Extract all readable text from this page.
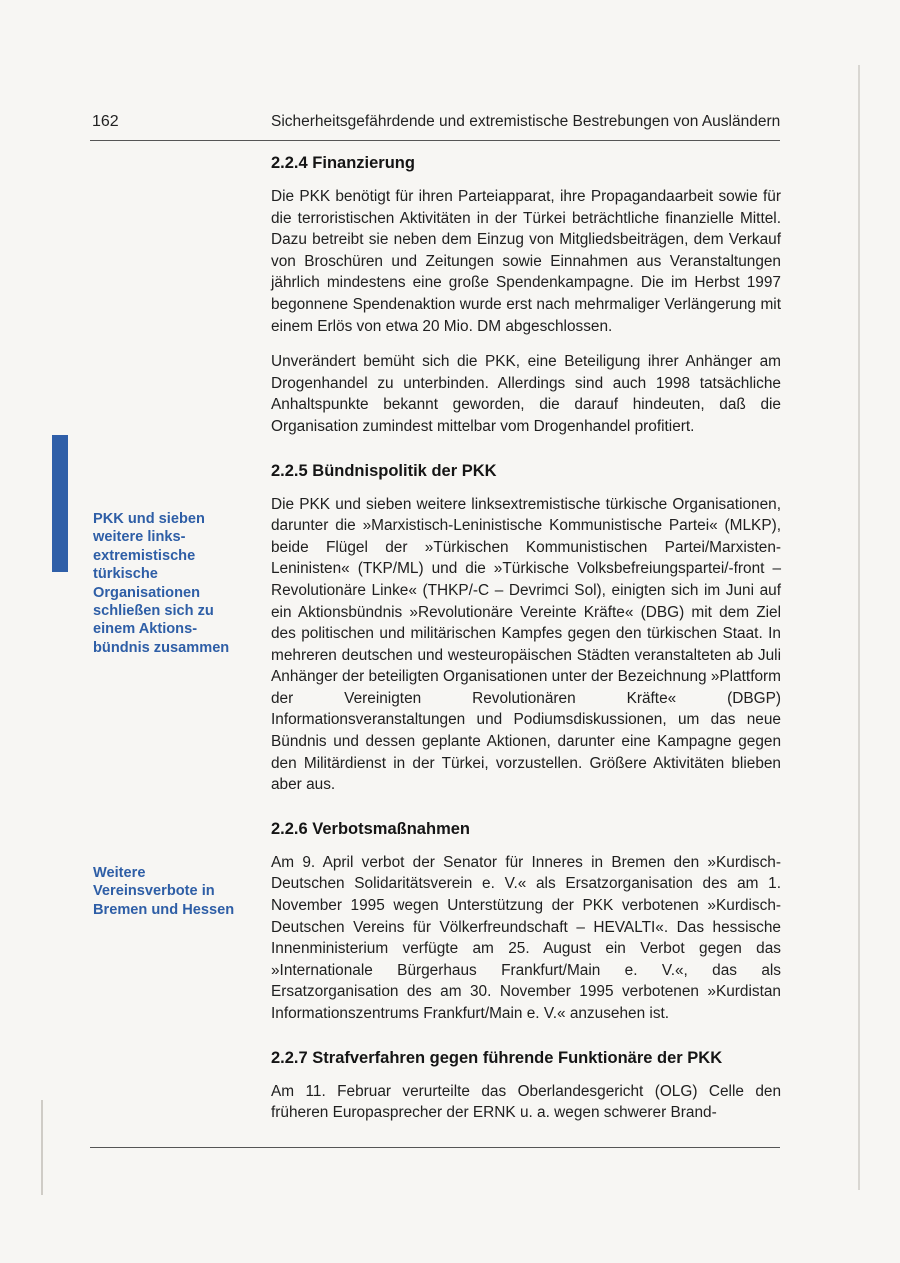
162	Sicherheitsgefährdende und extremistische Bestrebungen von Ausländern
PKK und sieben weitere links-extremistische türkische Organisationen schließen sich zu einem Aktions-bündnis zusammen
Weitere Vereinsverbote in Bremen und Hessen
2.2.4 Finanzierung

Die PKK benötigt für ihren Parteiapparat, ihre Propagandaarbeit sowie für die terroristischen Aktivitäten in der Türkei beträchtliche finanzielle Mittel. Dazu betreibt sie neben dem Einzug von Mitgliedsbeiträgen, dem Verkauf von Broschüren und Zeitungen sowie Einnahmen aus Veranstaltungen jährlich mindestens eine große Spendenkampagne. Die im Herbst 1997 begonnene Spendenaktion wurde erst nach mehrmaliger Verlängerung mit einem Erlös von etwa 20 Mio. DM abgeschlossen.

Unverändert bemüht sich die PKK, eine Beteiligung ihrer Anhänger am Drogenhandel zu unterbinden. Allerdings sind auch 1998 tatsächliche Anhaltspunkte bekannt geworden, die darauf hindeuten, daß die Organisation zumindest mittelbar vom Drogenhandel profitiert.

2.2.5 Bündnispolitik der PKK

Die PKK und sieben weitere linksextremistische türkische Organisationen, darunter die »Marxistisch-Leninistische Kommunistische Partei« (MLKP), beide Flügel der »Türkischen Kommunistischen Partei/Marxisten-Leninisten« (TKP/ML) und die »Türkische Volksbefreiungspartei/-front – Revolutionäre Linke« (THKP/-C – Devrimci Sol), einigten sich im Juni auf ein Aktionsbündnis »Revolutionäre Vereinte Kräfte« (DBG) mit dem Ziel des politischen und militärischen Kampfes gegen den türkischen Staat. In mehreren deutschen und westeuropäischen Städten veranstalteten ab Juli Anhänger der beteiligten Organisationen unter der Bezeichnung »Plattform der Vereinigten Revolutionären Kräfte« (DBGP) Informationsveranstaltungen und Podiumsdiskussionen, um das neue Bündnis und dessen geplante Aktionen, darunter eine Kampagne gegen den Militärdienst in der Türkei, vorzustellen. Größere Aktivitäten blieben aber aus.

2.2.6 Verbotsmaßnahmen

Am 9. April verbot der Senator für Inneres in Bremen den »Kurdisch-Deutschen Solidaritätsverein e. V.« als Ersatzorganisation des am 1. November 1995 wegen Unterstützung der PKK verbotenen »Kurdisch-Deutschen Vereins für Völkerfreundschaft – HEVALTI«. Das hessische Innenministerium verfügte am 25. August ein Verbot gegen das »Internationale Bürgerhaus Frankfurt/Main e. V.«, das als Ersatzorganisation des am 30. November 1995 verbotenen »Kurdistan Informationszentrums Frankfurt/Main e. V.« anzusehen ist.

2.2.7 Strafverfahren gegen führende Funktionäre der PKK

Am 11. Februar verurteilte das Oberlandesgericht (OLG) Celle den früheren Europasprecher der ERNK u. a. wegen schwerer Brand-
